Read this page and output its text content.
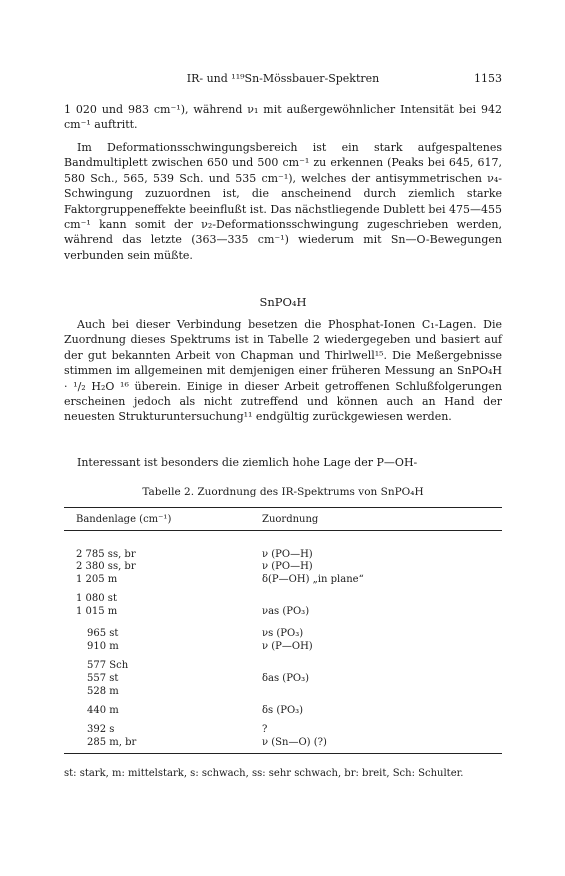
IR- und ¹¹⁹Sn-Mössbauer-Spektren	1153

1 020 und 983 cm⁻¹), während ν₁ mit außergewöhnlicher Intensität bei 942 cm⁻¹ auftritt.

Im Deformationsschwingungsbereich ist ein stark aufgespaltenes Bandmultiplett zwischen 650 und 500 cm⁻¹ zu erkennen (Peaks bei 645, 617, 580 Sch., 565, 539 Sch. und 535 cm⁻¹), welches der antisymmetrischen ν₄-Schwingung zuzuordnen ist, die anscheinend durch ziemlich starke Faktorgruppeneffekte beeinflußt ist. Das nächstliegende Dublett bei 475—455 cm⁻¹ kann somit der ν₂-Deformationsschwingung zugeschrieben werden, während das letzte (363—335 cm⁻¹) wiederum mit Sn—O-Bewegungen verbunden sein müßte.

SnPO₄H

Auch bei dieser Verbindung besetzen die Phosphat-Ionen C₁-Lagen. Die Zuordnung dieses Spektrums ist in Tabelle 2 wiedergegeben und basiert auf der gut bekannten Arbeit von Chapman und Thirlwell¹⁵. Die Meßergebnisse stimmen im allgemeinen mit demjenigen einer früheren Messung an SnPO₄H · ¹/₂ H₂O ¹⁶ überein. Einige in dieser Arbeit getroffenen Schlußfolgerungen erscheinen jedoch als nicht zutreffend und können auch an Hand der neuesten Strukturuntersuchung¹¹ endgültig zurückgewiesen werden.

Interessant ist besonders die ziemlich hohe Lage der P—OH-

Tabelle 2. Zuordnung des IR-Spektrums von SnPO₄H
Bandenlage (cm⁻¹)	Zuordnung
2 785 ss, br	ν (PO—H)
2 380 ss, br	ν (PO—H)
1 205 m	δ(P—OH) „in plane“
1 080 st
1 015 m	νas (PO₃)
965 st	νs (PO₃)
910 m	ν (P—OH)
577 Sch
557 st	δas (PO₃)
528 m
440 m	δs (PO₃)
392 s	?
285 m, br	ν (Sn—O) (?)

st: stark, m: mittelstark, s: schwach, ss: sehr schwach, br: breit, Sch: Schulter.
